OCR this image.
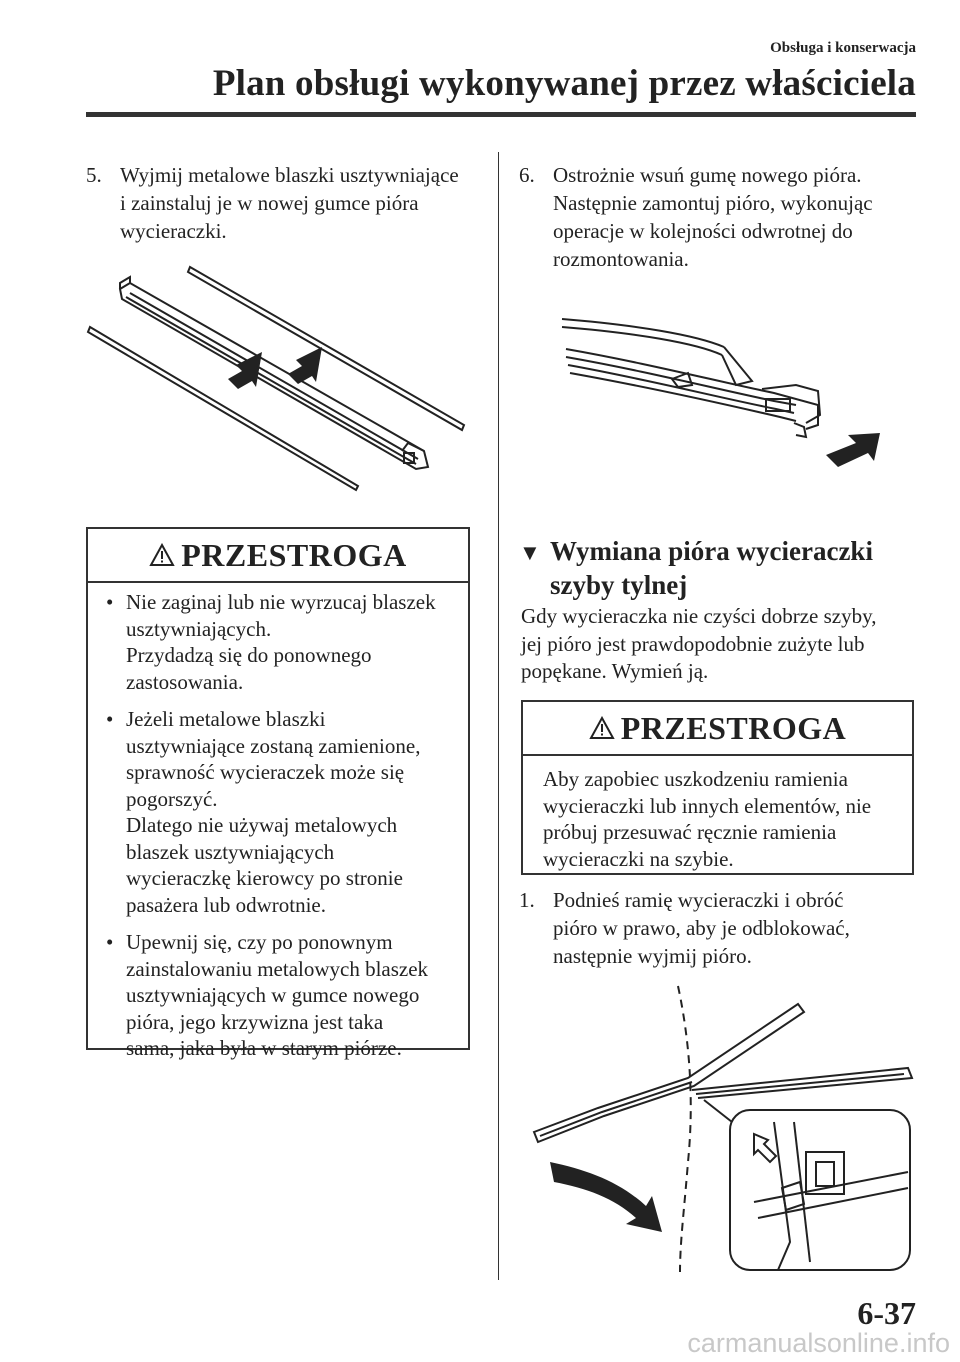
Obsługa i konserwacja
Plan obsługi wykonywanej przez właściciela
5. Wyjmij metalowe blaszki usztywniające
i zainstaluj je w nowej gumce pióra
wycieraczki.
PRZESTROGA
• Nie zaginaj lub nie wyrzucaj blaszek
usztywniających.
Przydadzą się do ponownego
zastosowania.
• Jeżeli metalowe blaszki
usztywniające zostaną zamienione,
sprawność wycieraczek może się
pogorszyć.
Dlatego nie używaj metalowych
blaszek usztywniających
wycieraczkę kierowcy po stronie
pasażera lub odwrotnie.
• Upewnij się, czy po ponownym
zainstalowaniu metalowych blaszek
usztywniających w gumce nowego
pióra, jego krzywizna jest taka
sama, jaka była w starym piórze.
6. Ostrożnie wsuń gumę nowego pióra.
Następnie zamontuj pióro, wykonując
operacje w kolejności odwrotnej do
rozmontowania.
▼ Wymiana pióra wycieraczki
szyby tylnej
Gdy wycieraczka nie czyści dobrze szyby,
jej pióro jest prawdopodobnie zużyte lub
popękane. Wymień ją.
PRZESTROGA
Aby zapobiec uszkodzeniu ramienia
wycieraczki lub innych elementów, nie
próbuj przesuwać ręcznie ramienia
wycieraczki na szybie.
1. Podnieś ramię wycieraczki i obróć
pióro w prawo, aby je odblokować,
następnie wyjmij pióro.
6-37
carmanualsonline.info
